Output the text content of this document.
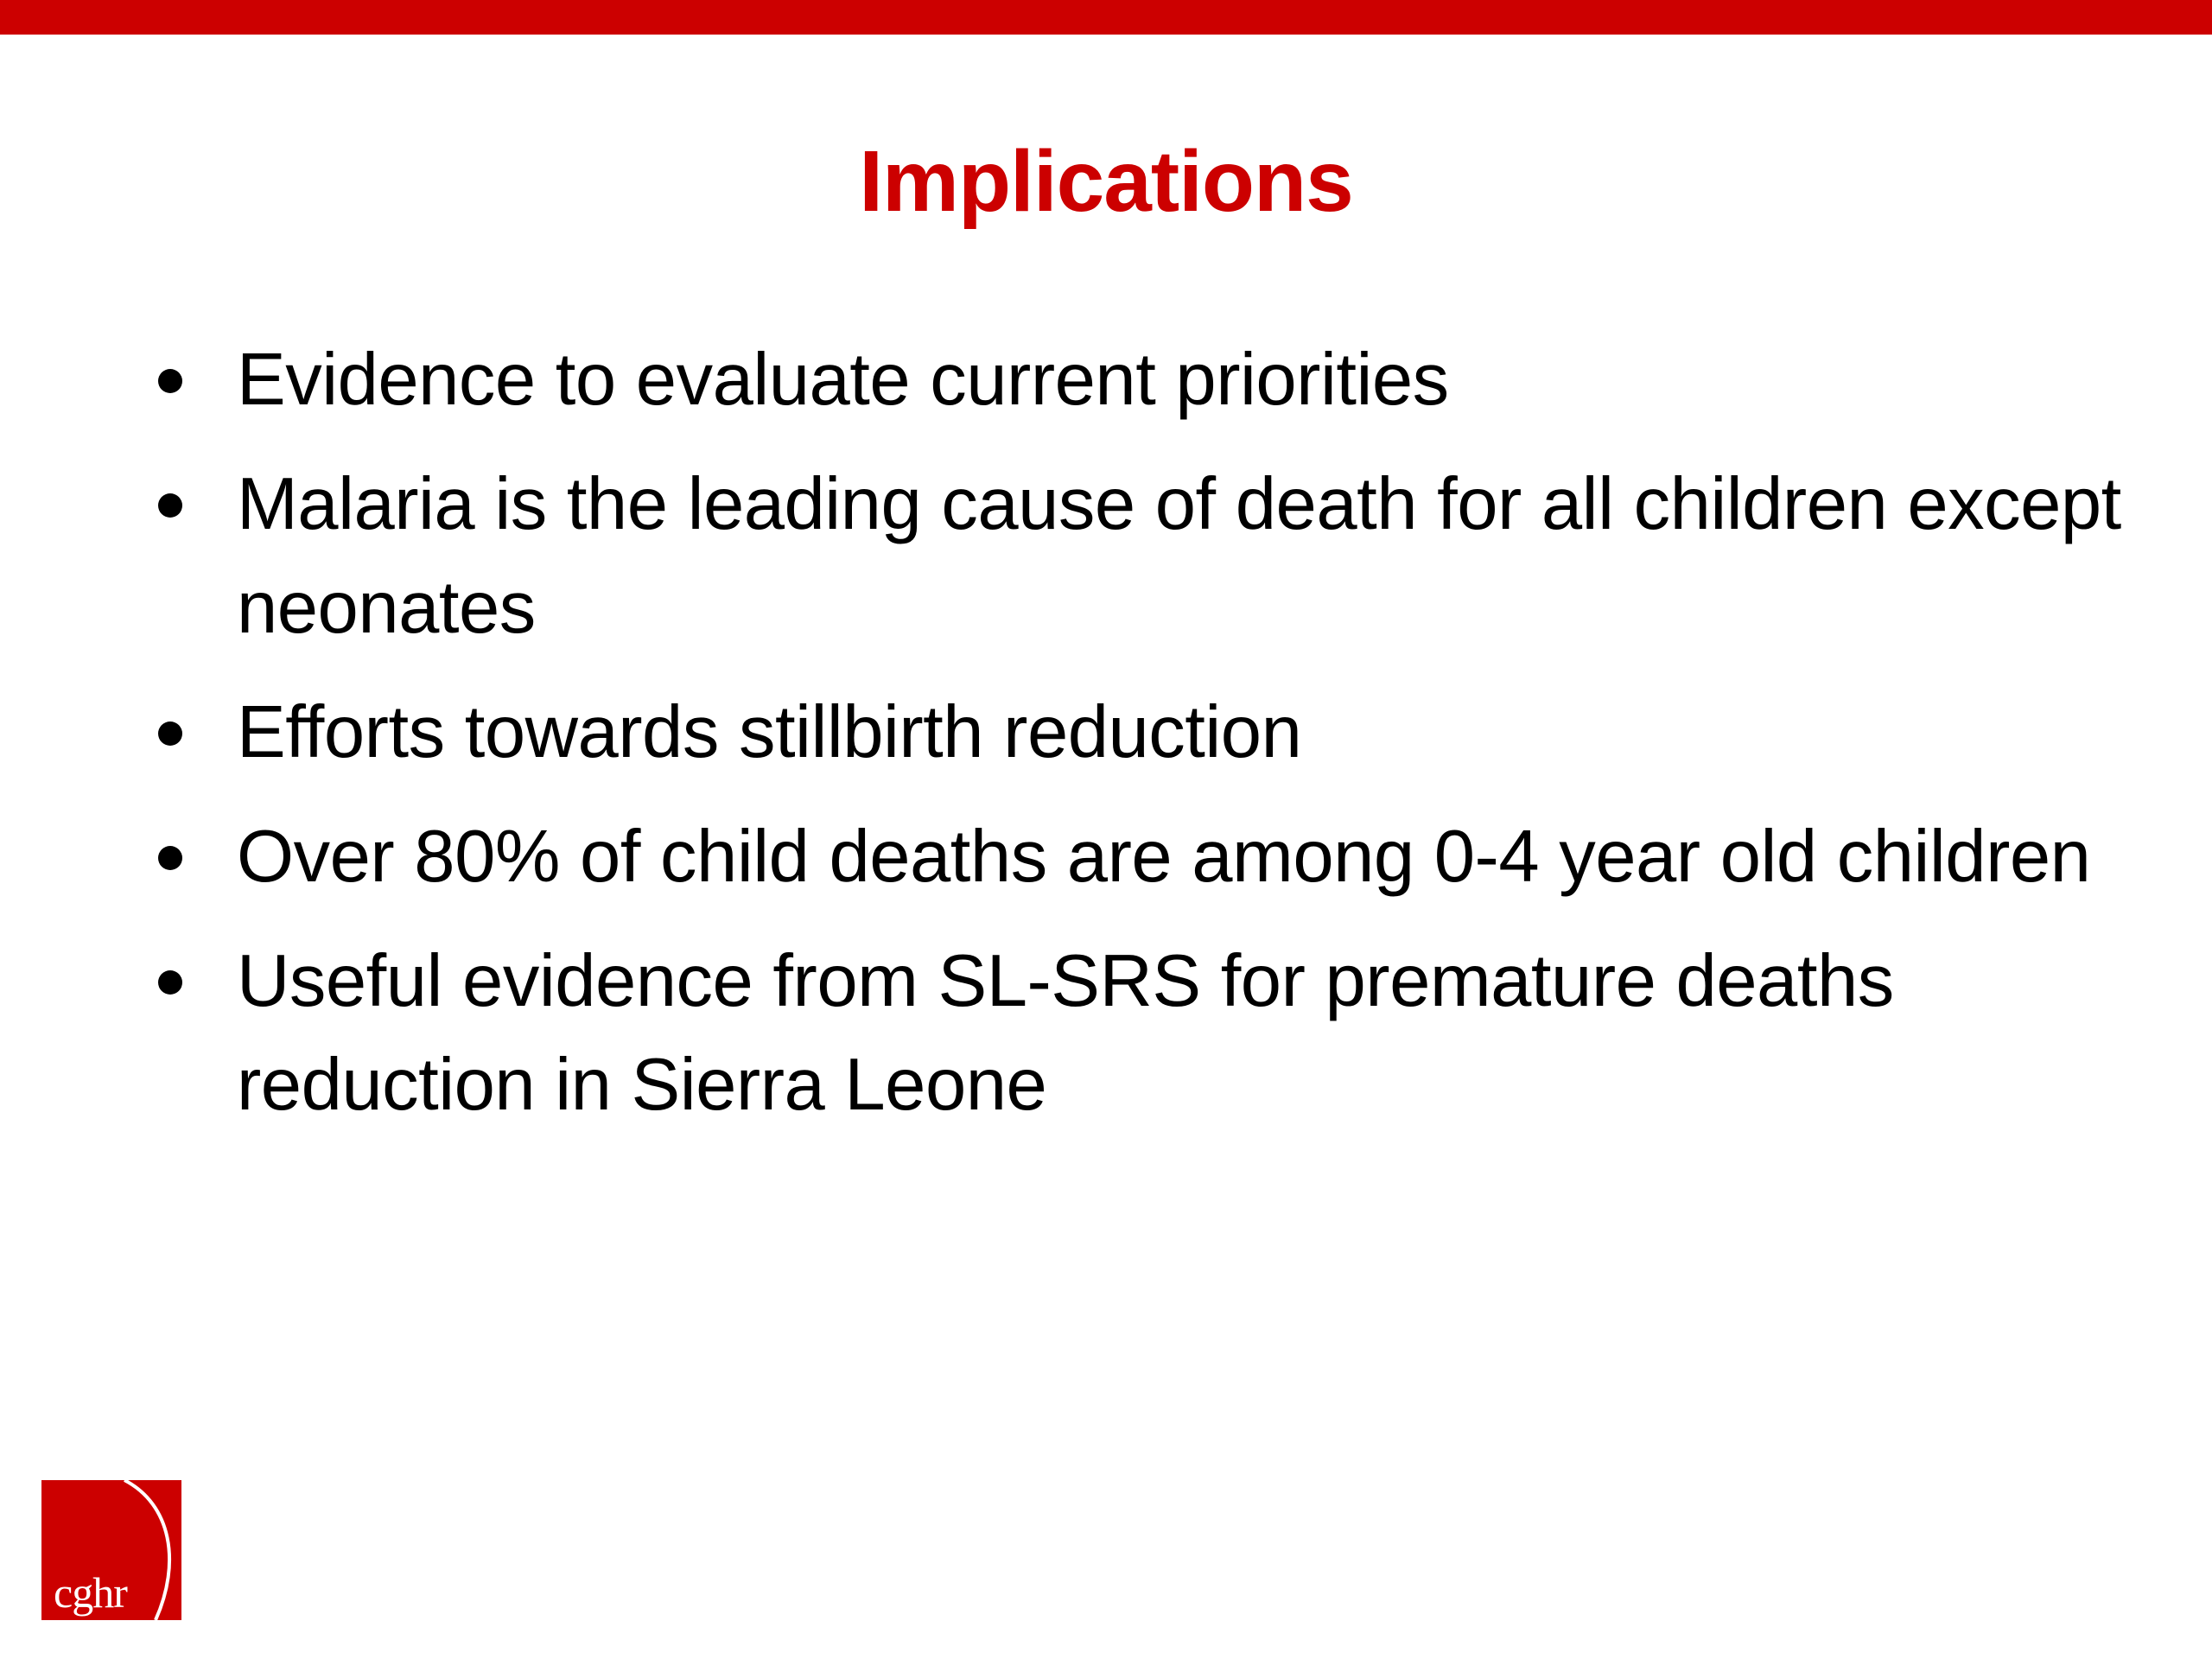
Implications
Evidence to evaluate current priorities
Malaria is the leading cause of death for all children except neonates
Efforts towards stillbirth reduction
Over 80% of child deaths are among 0-4 year old children
Useful evidence from SL-SRS for premature deaths reduction in Sierra Leone
cghr
